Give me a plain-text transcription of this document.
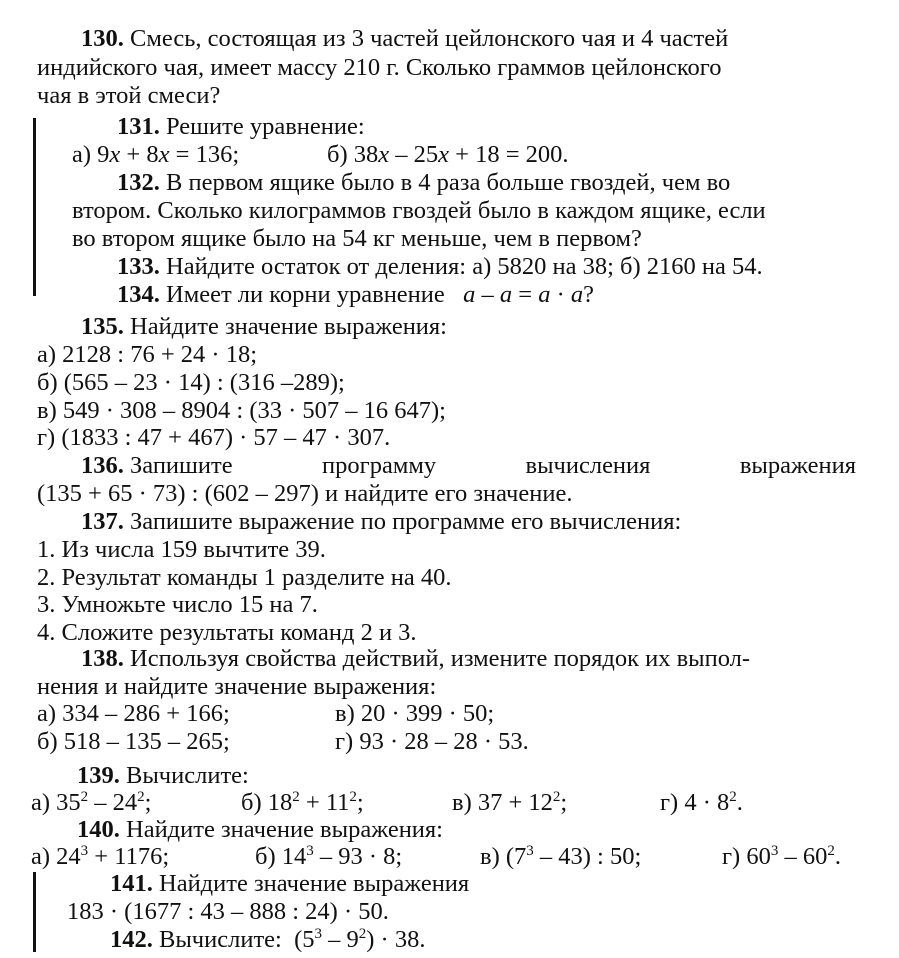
130. Смесь, состоящая из 3 частей цейлонского чая и 4 частей
индийского чая, имеет массу 210 г. Сколько граммов цейлонского
чая в этой смеси?
131. Решите уравнение:
а) 9x + 8x = 136;	б) 38x – 25x + 18 = 200.
132. В первом ящике было в 4 раза больше гвоздей, чем во
втором. Сколько килограммов гвоздей было в каждом ящике, если
во втором ящике было на 54 кг меньше, чем в первом?
133. Найдите остаток от деления: а) 5820 на 38; б) 2160 на 54.
134. Имеет ли корни уравнение a – a = a · a?
135. Найдите значение выражения:
а) 2128 : 76 + 24 · 18;
б) (565 – 23 · 14) : (316 –289);
в) 549 · 308 – 8904 : (33 · 507 – 16 647);
г) (1833 : 47 + 467) · 57 – 47 · 307.
136. Запишите	программу	вычисления	выражения
(135 + 65 · 73) : (602 – 297) и найдите его значение.
137. Запишите выражение по программе его вычисления:
1. Из числа 159 вычтите 39.
2. Результат команды 1 разделите на 40.
3. Умножьте число 15 на 7.
4. Сложите результаты команд 2 и 3.
138. Используя свойства действий, измените порядок их выпол-
нения и найдите значение выражения:
а) 334 – 286 + 166;	в) 20 · 399 · 50;
б) 518 – 135 – 265;	г) 93 · 28 – 28 · 53.
139. Вычислите:
а) $35^2 - 24^2$;	б) $18^2 + 11^2$;	в) $37 + 12^2$;	г) $4 \cdot 8^2$.
140. Найдите значение выражения:
а) $24^3 + 1176$;	б) $14^3 - 93 \cdot 8$;	в) $(7^3 - 43)$ : 50;	г) $60^3 - 60^2$.
141. Найдите значение выражения
183 · (1677 : 43 – 888 : 24) · 50.
142. Вычислите: $(5^3 - 9^2) \cdot 38$.
